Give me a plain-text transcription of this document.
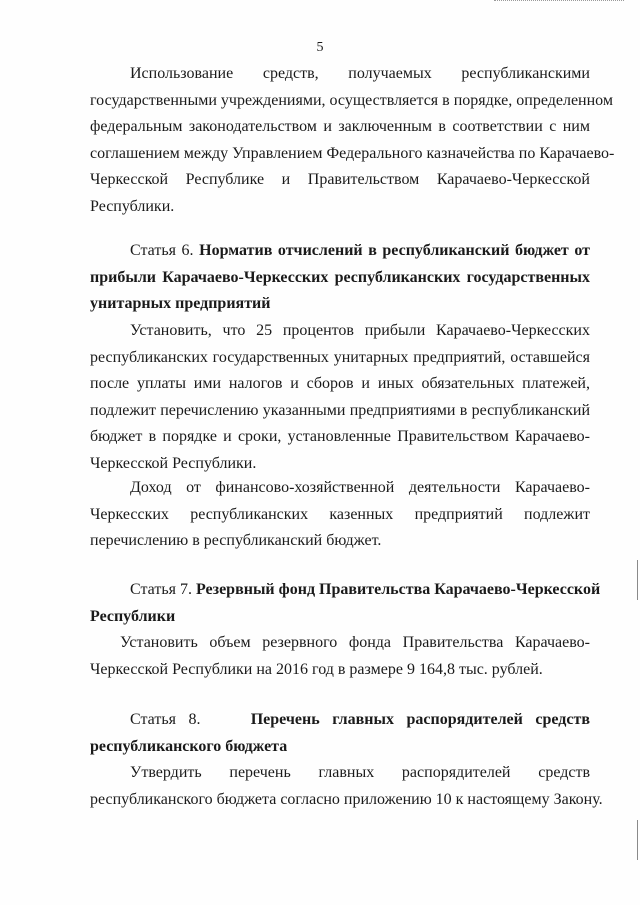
5
Использование средств, получаемых республиканскими
государственными учреждениями, осуществляется в порядке, определенном
федеральным законодательством и заключенным в соответствии с ним
соглашением между Управлением Федерального казначейства по Карачаево-
Черкесской Республике и Правительством Карачаево-Черкесской
Республики.
Статья 6. Норматив отчислений в республиканский бюджет от
прибыли Карачаево-Черкесских республиканских государственных
унитарных предприятий
Установить, что 25 процентов прибыли Карачаево-Черкесских
республиканских государственных унитарных предприятий, оставшейся
после уплаты ими налогов и сборов и иных обязательных платежей,
подлежит перечислению указанными предприятиями в республиканский
бюджет в порядке и сроки, установленные Правительством Карачаево-
Черкесской Республики.
Доход от финансово-хозяйственной деятельности Карачаево-
Черкесских республиканских казенных предприятий подлежит
перечислению в республиканский бюджет.
Статья 7. Резервный фонд Правительства Карачаево-Черкесской
Республики
Установить объем резервного фонда Правительства Карачаево-
Черкесской Республики на 2016 год в размере 9 164,8 тыс. рублей.
Статья 8.	Перечень главных распорядителей средств
республиканского бюджета
Утвердить перечень главных распорядителей средств
республиканского бюджета согласно приложению 10 к настоящему Закону.
